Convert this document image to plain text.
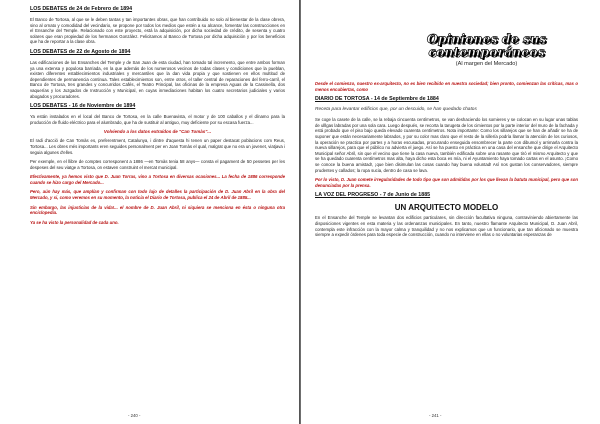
LOS DEBATES de 24 de Febrero de 1894

El Banco de Tortosa, al que se le deben tantas y tan importantes obras, que han contribuido no solo al bienestar de la clase obrera, sino al ornato y comodidad del vecindario, se propone por todos los medios que estén a su alcance, fomentar las construcciones en el Ensanche del Temple. Relacionado con este proyecto, está la adquisición, por dicha sociedad de crédito, de sesenta y cuatro solares que eran propiedad de los hermanos González. Felicitamos al Banco de Tortosa por dicha adquisición y por los beneficios que ha de reportar a la clase obra.

LOS DEBATES de 22 de Agosto de 1894

Las edificaciones de los Ensanches del Temple y de San Juan de esta ciudad, han tomado tal incremento, que entre ambos forman ya una extensa y populosa barriada, en la que además de los numerosos vecinos de todas clases y condiciones que la pueblan, existen diferentes establecimientos industriales y mercantiles que la dan vida propia y que sostienen en ellos multitud de dependientes de permanencia continua. Tales establecimientos son, entre otros, el taller central de reparaciones del ferro-carril, el Banco de Tortosa, tres grandes y concurridos Cafés, el Teatro Principal, las oficinas de la empresa Aguas de la Cassinella, dos vaquerías y los Juzgados de Instrucción y Municipal, en cuyas inmediaciones habitan los cuatro secretarios judiciales y varios abogados y procuradores.

LOS DEBATES - 16 de Noviembre de 1894

Ya están instalados en el local del Banco de Tortosa, en la calle Buenavista, el motor y de 100 caballos y el dínamo para la producción de fluido eléctrico para el alumbrado, que ha de sustituir al antiguo, muy deficiente por su escasa fuerza...

Volviendo a los datos extraídos de "Can Tomàs"...

El radi d'acció de Can Tomàs es, preferentment, Catalunya, i dintre d'aquesta hi tenen un paper destacat poblacions com Reus, Tortosa... Les obres més importants eren seguides personalment per en Joan Tomàs el qual, malgrat que no era un jovenet, viatjava i seguia algunes d'elles.

Per exemple, en el llibre de comptes corresponent a 1886 —en Tomàs tenia 58 anys— consta el pagament de 50 pessetes per les despeses del seu viatge a Tortosa, on estaven construint el mercat municipal.

Efectivamente, ya hemos visto que D. Juan Torras, vino a Tortosa en diversas ocasiones... La fecha de 1886 corresponde cuando se hizo cargo del Mercado...

Pero, aún hay más, que amplían y confirman con todo lujo de detalles la participación de D. Juan Abril en la obra del Mercado, y si, como veremos en su momento, la noticia el Diario de Tortosa, publica el 24 de Abril de 1885...

Sin embargo, las injusticias de la vida!... el nombre de D. Juan Abril, ni siquiera se menciona en ésta o ninguna otra enciclopedia.

Ya se ha visto la personalidad de cada uno.

- 240 -
Opiniones de sus
contemporáneos
(Al margen del Mercado)

Desde el comienzo, nuestro ex-arquitecto, no es bien recibido en nuestra sociedad; bien pronto, comienzan las críticas, mas o menos encubiertas, como

DIARIO DE TORTOSA - 14 de Septiembre de 1884
Receta para levantar edificios que, por un descuido, se han quedado chatos

Se coge la casete de la calle, se la rebaja cincuenta centímetros, se van deshaciendo los somieres y se colocan en su lugar unas tablas de ulllgas labradas por una sola cara. Luego después, se recorta la tarugeta de los cimientos por la parte interior del muro de la fachada y está probado que el piso bajo queda elevado cuarenta centímetros. Nota importante: Como los sillarejos que se han de añadir se ha de suponer que están necesariamente labrados, y por su color mas claro que el resto de la sillería podría llamar la atención de los curiosos, la operación se practica por partes y a horas escusadas, procurando enseguida ensombrecer la parte con dibumol y arrimarla contra la nueva sillarejos, para que el público no advierta el juego. Así se ha puesto en práctica en una casa del ensanche que dirige el Arquitecto Municipal señor Abril, sin que el vecino que tiene la casa nueva, también edificada sobre una rasante que tiró el mismo Arquitecto y que se ha quedado cuarenta centímetros mas alta, haya dicho esta boca es mía, ni el Ayuntamiento haya tomado cartas en el asunto. ¡Como se conoce la buena amistad!, ¡que bien disimulan las cosas cuando hay buena voluntad! Así nos gustan los conservadores, siempre prudentes y callados; la ropa sucia, dentro de casa se lava.

Por lo visto, D. Juan comete irregularidades de todo tipo que son admitidas por los que llevan la batuta municipal, pero que son denunciadas por la prensa.

LA VOZ DEL PROGRESO - 7 de Junio de 1885
UN ARQUITECTO MODELO

En el Ensanche del Temple se levantan dos edificios particulares, sin dirección facultativa ninguna, contraviniendo abiertamente las disposiciones vigentes en esta materia y las ordenanzas municipales. En tanto, nuestro flamante Arquitecto Municipal, D. Juan Abril, contempla este infracción con la mayor calma y tranquilidad y no nos explicamos que un funcionario, que tan aficionado se muestra siempre a expedir órdenes para toda especie de construcción, cuando no interviene en ellas o no voluntarias esperanzas de

- 241 -
